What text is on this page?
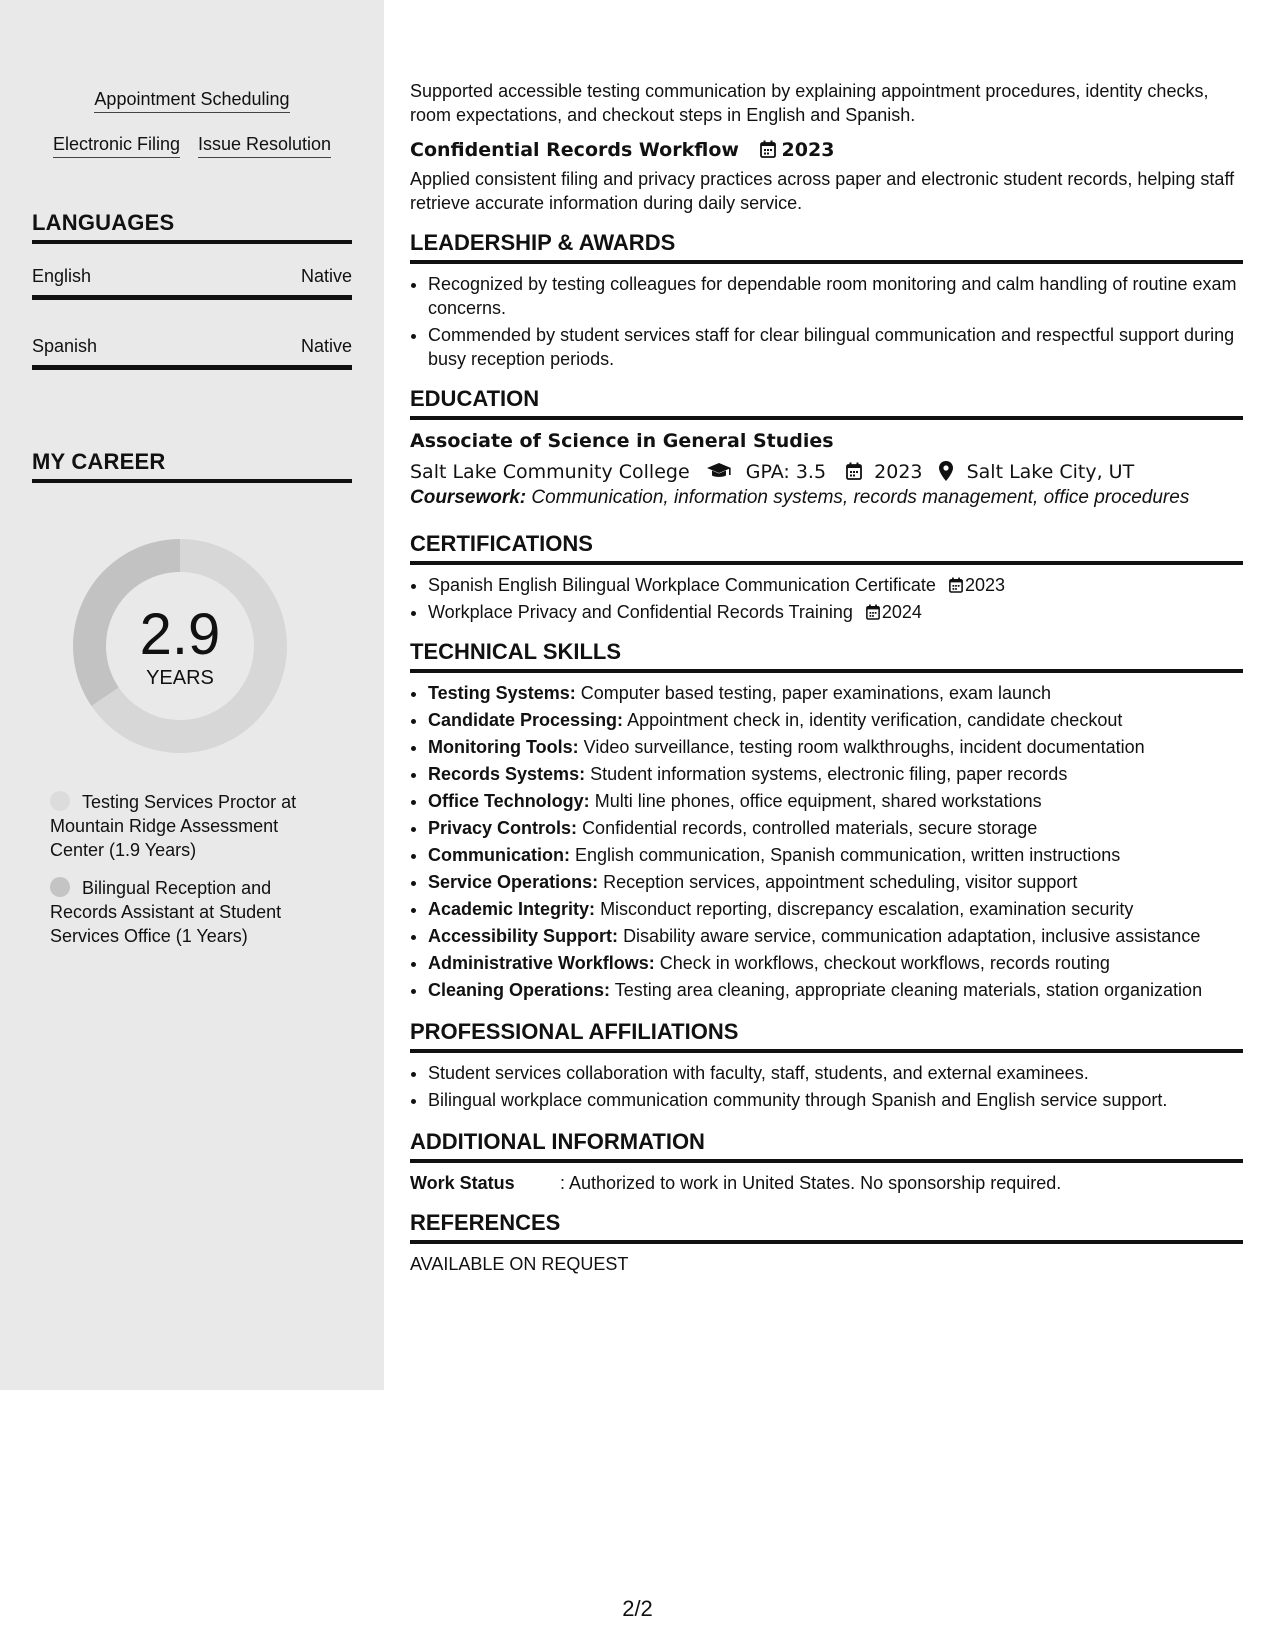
Appointment Scheduling
Electronic Filing Issue Resolution
LANGUAGES
English	Native
Spanish	Native
MY CAREER
2.9
YEARS
Testing Services Proctor at Mountain Ridge Assessment Center (1.9 Years)
Bilingual Reception and Records Assistant at Student Services Office (1 Years)

Supported accessible testing communication by explaining appointment procedures, identity checks, room expectations, and checkout steps in English and Spanish.

Confidential Records Workflow 2023

Applied consistent filing and privacy practices across paper and electronic student records, helping staff retrieve accurate information during daily service.

LEADERSHIP & AWARDS
• Recognized by testing colleagues for dependable room monitoring and calm handling of routine exam concerns.
• Commended by student services staff for clear bilingual communication and respectful support during busy reception periods.
EDUCATION
Associate of Science in General Studies
Salt Lake Community College	GPA: 3.5	2023 Salt Lake City, UT
Coursework: Communication, information systems, records management, office procedures
CERTIFICATIONS
• Spanish English Bilingual Workplace Communication Certificate 2023
• Workplace Privacy and Confidential Records Training 2024
TECHNICAL SKILLS
• Testing Systems: Computer based testing, paper examinations, exam launch
• Candidate Processing: Appointment check in, identity verification, candidate checkout
• Monitoring Tools: Video surveillance, testing room walkthroughs, incident documentation
• Records Systems: Student information systems, electronic filing, paper records
• Office Technology: Multi line phones, office equipment, shared workstations
• Privacy Controls: Confidential records, controlled materials, secure storage
• Communication: English communication, Spanish communication, written instructions
• Service Operations: Reception services, appointment scheduling, visitor support
• Academic Integrity: Misconduct reporting, discrepancy escalation, examination security
• Accessibility Support: Disability aware service, communication adaptation, inclusive assistance
• Administrative Workflows: Check in workflows, checkout workflows, records routing
• Cleaning Operations: Testing area cleaning, appropriate cleaning materials, station organization
PROFESSIONAL AFFILIATIONS
• Student services collaboration with faculty, staff, students, and external examinees.
• Bilingual workplace communication community through Spanish and English service support.
ADDITIONAL INFORMATION
Work Status	: Authorized to work in United States. No sponsorship required.
REFERENCES

AVAILABLE ON REQUEST

2/2
